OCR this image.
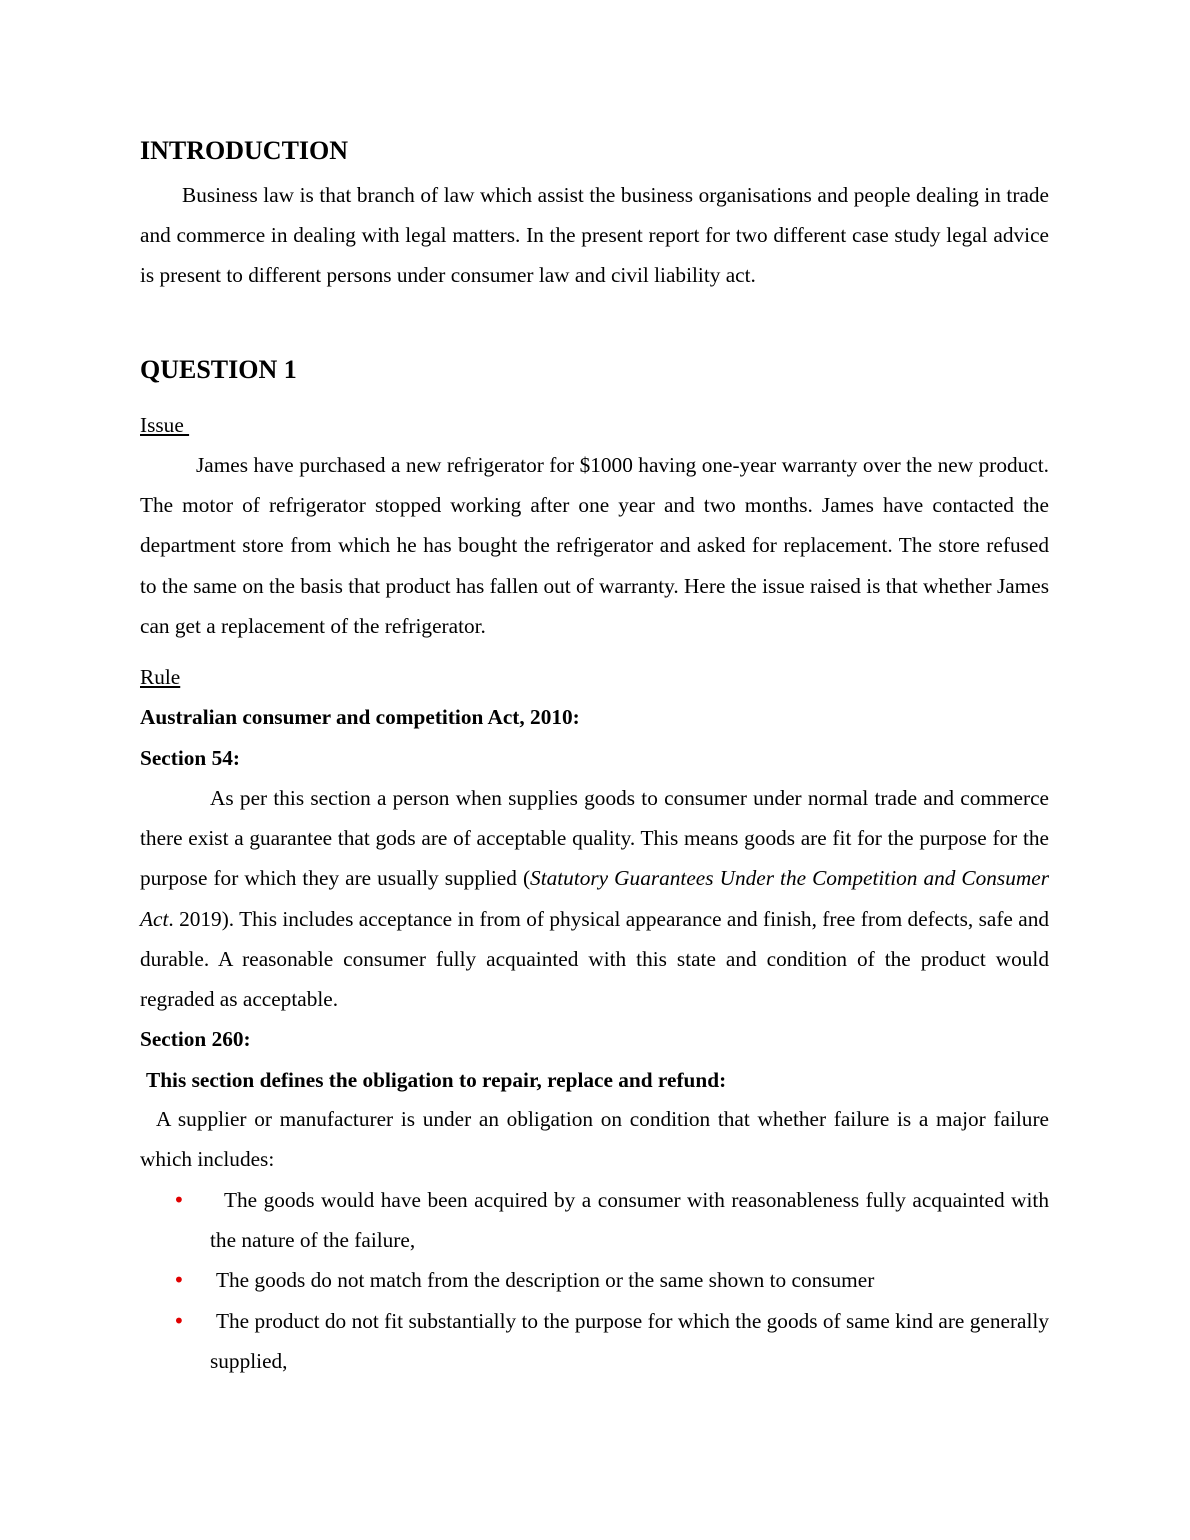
INTRODUCTION

Business law is that branch of law which assist the business organisations and people dealing in trade and commerce in dealing with legal matters. In the present report for two different case study legal advice is present to different persons under consumer law and civil liability act.

QUESTION 1

Issue

James have purchased a new refrigerator for $1000 having one-year warranty over the new product. The motor of refrigerator stopped working after one year and two months. James have contacted the department store from which he has bought the refrigerator and asked for replacement. The store refused to the same on the basis that product has fallen out of warranty. Here the issue raised is that whether James can get a replacement of the refrigerator.

Rule

Australian consumer and competition Act, 2010:

Section 54:

As per this section a person when supplies goods to consumer under normal trade and commerce there exist a guarantee that gods are of acceptable quality. This means goods are fit for the purpose for the purpose for which they are usually supplied (Statutory Guarantees Under the Competition and Consumer Act. 2019). This includes acceptance in from of physical appearance and finish, free from defects, safe and durable. A reasonable consumer fully acquainted with this state and condition of the product would regraded as acceptable.

Section 260:

This section defines the obligation to repair, replace and refund:

A supplier or manufacturer is under an obligation on condition that whether failure is a major failure which includes:

• The goods would have been acquired by a consumer with reasonableness fully acquainted with the nature of the failure,
• The goods do not match from the description or the same shown to consumer
• The product do not fit substantially to the purpose for which the goods of same kind are generally supplied,
